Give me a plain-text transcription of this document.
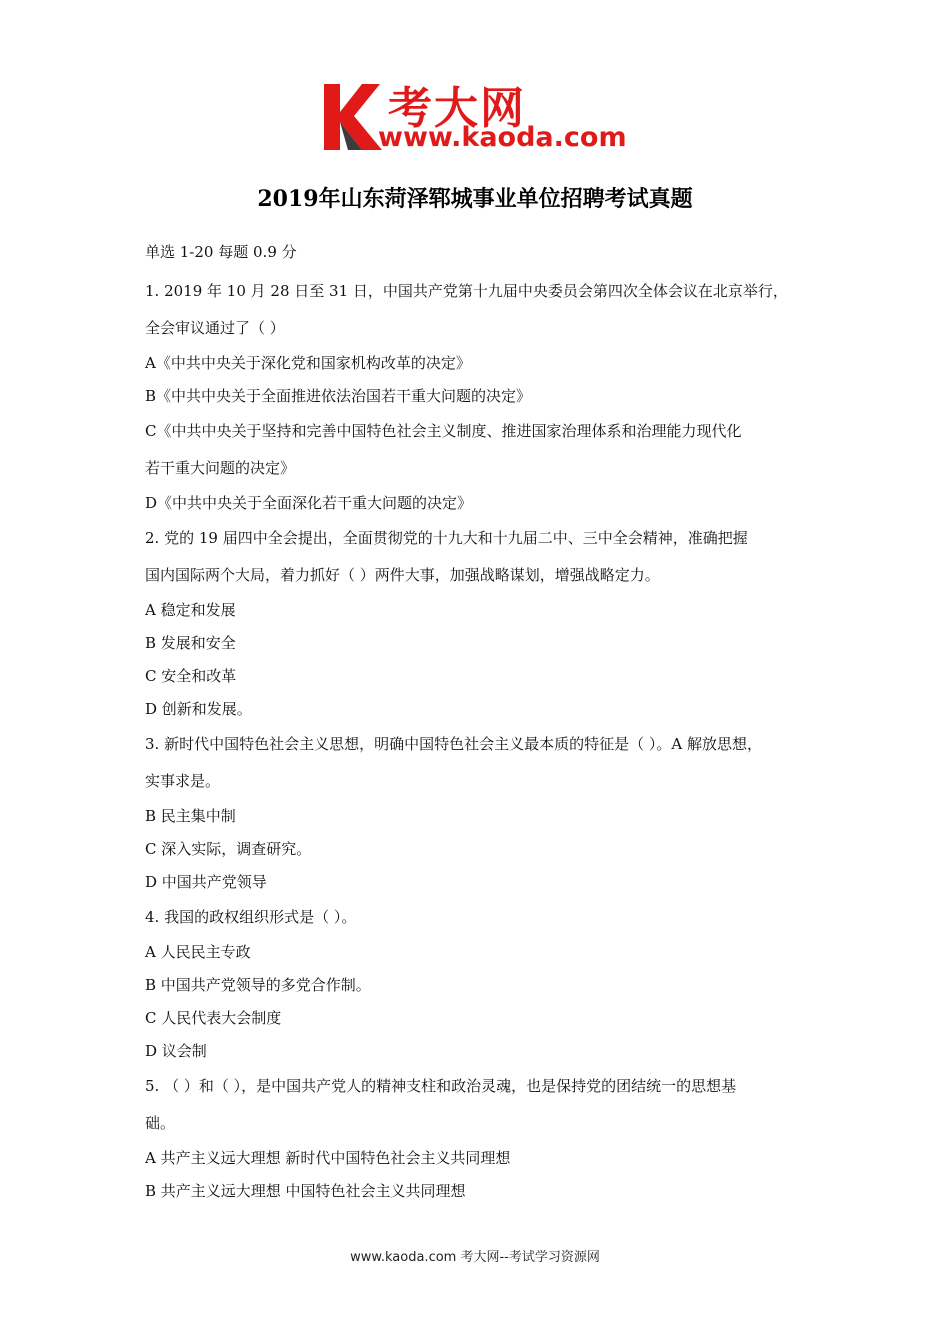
考大网
www.kaoda.com
2019年山东菏泽郓城事业单位招聘考试真题
单选 1-20 每题 0.9 分
1. 2019 年 10 月 28 日至 31 日，中国共产党第十九届中央委员会第四次全体会议在北京举行，
全会审议通过了（ ）
A《中共中央关于深化党和国家机构改革的决定》
B《中共中央关于全面推进依法治国若干重大问题的决定》
C《中共中央关于坚持和完善中国特色社会主义制度、推进国家治理体系和治理能力现代化
若干重大问题的决定》
D《中共中央关于全面深化若干重大问题的决定》
2. 党的 19 届四中全会提出，全面贯彻党的十九大和十九届二中、三中全会精神，准确把握
国内国际两个大局，着力抓好（ ）两件大事，加强战略谋划，增强战略定力。
A 稳定和发展
B 发展和安全
C 安全和改革
D 创新和发展。
3. 新时代中国特色社会主义思想，明确中国特色社会主义最本质的特征是（ ）。A 解放思想，
实事求是。
B 民主集中制
C 深入实际，调查研究。
D 中国共产党领导
4. 我国的政权组织形式是（ ）。
A 人民民主专政
B 中国共产党领导的多党合作制。
C 人民代表大会制度
D 议会制
5. （ ）和（ ），是中国共产党人的精神支柱和政治灵魂，也是保持党的团结统一的思想基
础。
A 共产主义远大理想 新时代中国特色社会主义共同理想
B 共产主义远大理想 中国特色社会主义共同理想
www.kaoda.com 考大网--考试学习资源网
